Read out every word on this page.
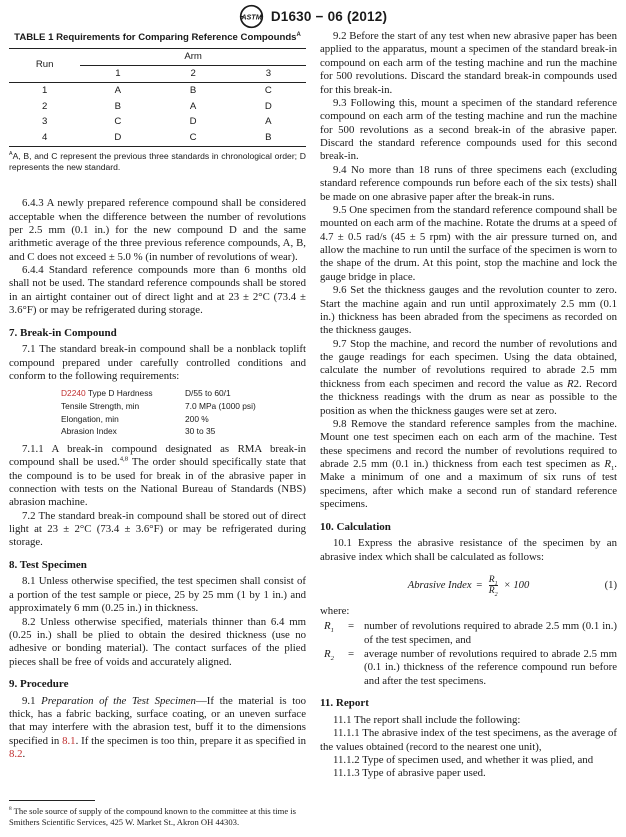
ASTM D1630 − 06 (2012)
TABLE 1 Requirements for Comparing Reference Compounds$^A$
Run	Arm		
	1	2	3
1	A	B	C
2	B	A	D
3	C	D	A
4	D	C	B
$^A$A, B, and C represent the previous three standards in chronological order; D represents the new standard.

6.4.3 A newly prepared reference compound shall be considered acceptable when the difference between the number of revolutions per 2.5 mm (0.1 in.) for the new compound D and the same arithmetic average of the three previous reference compounds, A, B, and C does not exceed ± 5.0 % (in number of revolutions of wear).

6.4.4 Standard reference compounds more than 6 months old shall not be used. The standard reference compounds shall be stored in an airtight container out of direct light and at 23 ± 2°C (73.4 ± 3.6°F) or may be refrigerated during storage.

7. Break-in Compound

7.1 The standard break-in compound shall be a nonblack toplift compound prepared under carefully controlled conditions and conform to the following requirements:

D2240 Type D Hardness	D/55 to 60/1
Tensile Strength, min	7.0 MPa (1000 psi)
Elongation, min	200 %
Abrasion Index	30 to 35

7.1.1 A break-in compound designated as RMA break-in compound shall be used.$^{4,8}$ The order should specifically state that the compound is to be used for break in of the abrasive paper in connection with tests on the National Bureau of Standards (NBS) abrasion machine.

7.2 The standard break-in compound shall be stored out of direct light at 23 ± 2°C (73.4 ± 3.6°F) or may be refrigerated during storage.

8. Test Specimen

8.1 Unless otherwise specified, the test specimen shall consist of a portion of the test sample or piece, 25 by 25 mm (1 by 1 in.) and approximately 6 mm (0.25 in.) in thickness.

8.2 Unless otherwise specified, materials thinner than 6.4 mm (0.25 in.) shall be plied to obtain the desired thickness (use no adhesive or bonding material). The contact surfaces of the plied pieces shall be free of voids and accurately aligned.

9. Procedure

9.1 Preparation of the Test Specimen—If the material is too thick, has a fabric backing, surface coating, or an uneven surface that may interfere with the abrasion test, buff it to the dimensions specified in 8.1. If the specimen is too thin, prepare it as specified in 8.2.

9.2 Before the start of any test when new abrasive paper has been applied to the apparatus, mount a specimen of the standard break-in compound on each arm of the testing machine and run the machine for 500 revolutions. Discard the standard break-in compounds used for this break-in.

9.3 Following this, mount a specimen of the standard reference compound on each arm of the testing machine and run the machine for 500 revolutions as a second break-in of the abrasive paper. Discard the standard reference compounds used for this second break-in.

9.4 No more than 18 runs of three specimens each (excluding standard reference compounds run before each of the six tests) shall be made on one abrasive paper after the break-in runs.

9.5 One specimen from the standard reference compound shall be mounted on each arm of the machine. Rotate the drums at a speed of 4.7 ± 0.5 rad/s (45 ± 5 rpm) with the air pressure turned on, and allow the machine to run until the surface of the specimen is worn to the shape of the drum. At this point, stop the machine and lock the gauge bridge in place.

9.6 Set the thickness gauges and the revolution counter to zero. Start the machine again and run until approximately 2.5 mm (0.1 in.) thickness has been abraded from the specimens as recorded on the thickness gauges.

9.7 Stop the machine, and record the number of revolutions and the gauge readings for each specimen. Using the data obtained, calculate the number of revolutions required to abrade 2.5 mm thickness from each specimen and record the value as R2. Record the thickness readings with the drum as near as possible to the position as when the thickness gauges were set at zero.

9.8 Remove the standard reference samples from the machine. Mount one test specimen each on each arm of the machine. Test these specimens and record the number of revolutions required to abrade 2.5 mm (0.1 in.) thickness from each test specimen as $R_1$. Make a minimum of one and a maximum of six runs of test specimens, after which make a second run of standard reference specimens.

10. Calculation

10.1 Express the abrasive resistance of the specimen by an abrasive index which shall be calculated as follows:

Abrasive Index = $\frac{R_1}{R_2} \times 100$	(1)
where:
$R_1$	= number of revolutions required to abrade 2.5 mm (0.1 in.) of the test specimen, and
$R_2$	= average number of revolutions required to abrade 2.5 mm (0.1 in.) thickness of the reference compound run before and after the test specimens.
11. Report

11.1 The report shall include the following:

11.1.1 The abrasive index of the test specimens, as the average of the values obtained (record to the nearest one unit),

11.1.2 Type of specimen used, and whether it was plied, and

11.1.3 Type of abrasive paper used.

$^8$ The sole source of supply of the compound known to the committee at this time is Smithers Scientific Services, 425 W. Market St., Akron OH 44303.
